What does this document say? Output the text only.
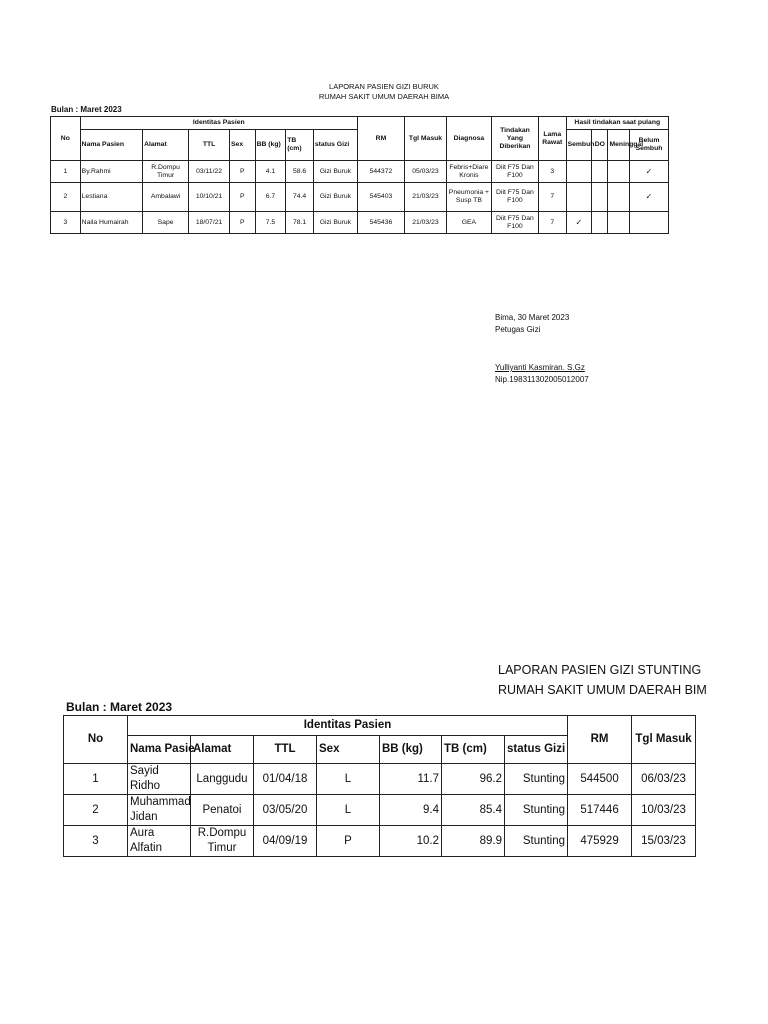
LAPORAN PASIEN GIZI BURUK
RUMAH SAKIT UMUM DAERAH BIMA
Bulan : Maret 2023
No	Identitas Pasien							RM	Tgl Masuk	Diagnosa	Tindakan Yang Diberikan	Lama Rawat	Hasil tindakan saat pulang			
	Nama Pasien	Alamat	TTL	Sex	BB (kg)	TB (cm)	status Gizi						Sembuh	DO	Meninggal	Belum Sembuh
1	By.Rahmi	R.Dompu Timur	03/11/22	P	4.1	58.6	Gizi Buruk	544372	05/03/23	Febris+Diare Kronis	Diit F75 Dan F100	3				✓
2	Lestiana	Ambalawi	10/10/21	P	6.7	74.4	Gizi Buruk	545403	21/03/23	Pneumonia + Susp TB	Diit F75 Dan F100	7				✓
3	Naila Humairah	Sape	18/07/21	P	7.5	78.1	Gizi Buruk	545436	21/03/23	GEA	Diit F75 Dan F100	7	✓			
Bima, 30 Maret 2023
Petugas Gizi
Yulliyanti Kasmiran. S.Gz
Nip.198311302005012007
LAPORAN PASIEN GIZI STUNTING
RUMAH SAKIT UMUM DAERAH BIM
Bulan : Maret 2023
No	Identitas Pasien							RM	Tgl Masuk
	Nama Pasie	Alamat	TTL	Sex	BB (kg)	TB (cm)	status Gizi		
1	Sayid Ridho	Langgudu	01/04/18	L	11.7	96.2	Stunting	544500	06/03/23
2	Muhammad Jidan	Penatoi	03/05/20	L	9.4	85.4	Stunting	517446	10/03/23
3	Aura Alfatin	R.Dompu Timur	04/09/19	P	10.2	89.9	Stunting	475929	15/03/23
